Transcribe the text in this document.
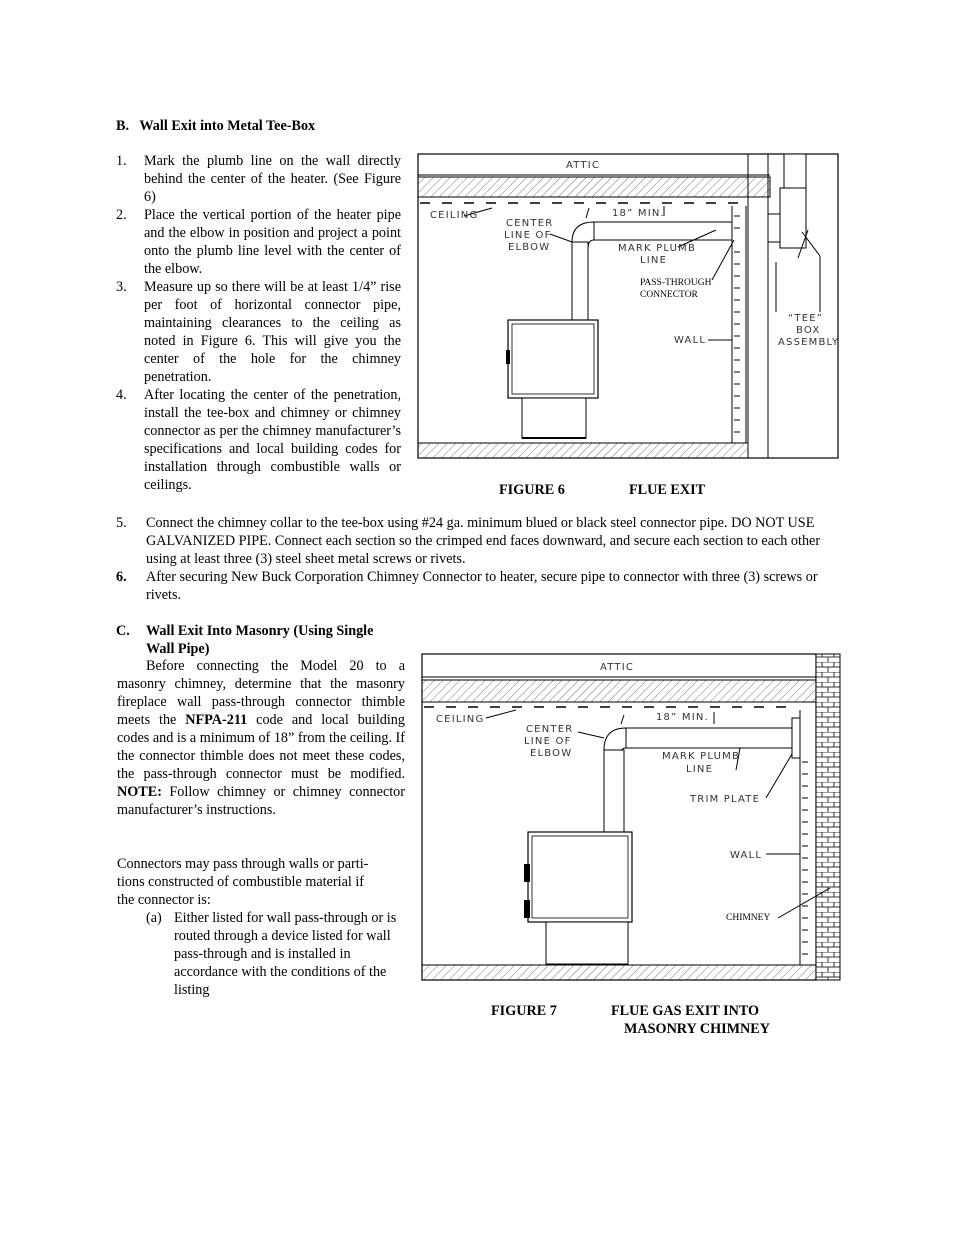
B.   Wall Exit into Metal Tee-Box
1. Mark the plumb line on the wall directly behind the center of the heater. (See Figure 6)
2. Place the vertical portion of the heater pipe and the elbow in position and project a point onto the plumb line level with the center of the elbow.
3. Measure up so there will be at least 1/4” rise per foot of horizontal connector pipe, maintaining clearances to the ceiling as noted in Figure 6. This will give you the center of the hole for the chimney penetration.
4. After locating the center of the penetration, install the tee-box and chimney or chimney connector as per the chimney manufacturer’s specifications and local building codes for installation through combustible walls or ceilings.
ATTIC
CEILING
CENTER
LINE OF
ELBOW
18” MIN.
MARK PLUMB
LINE
PASS-THROUGH
CONNECTOR
WALL
“TEE”
BOX
ASSEMBLY
FIGURE 6	FLUE EXIT
5. Connect the chimney collar to the tee-box using #24 ga. minimum blued or black steel connector pipe. DO NOT USE GALVANIZED PIPE. Connect each section so the crimped end faces downward, and secure each section to each other using at least three (3) steel sheet metal screws or rivets.
6. After securing New Buck Corporation Chimney Connector to heater, secure pipe to connector with three (3) screws or rivets.
C. Wall Exit Into Masonry (Using Single
Wall Pipe)
Before connecting the Model 20 to a masonry chimney, determine that the masonry fireplace wall pass-through connector thimble meets the NFPA-211 code and local building codes and is a minimum of 18” from the ceiling. If the connector thimble does not meet these codes, the pass-through connector must be modified. NOTE: Follow chimney or chimney connector manufacturer’s instructions.
Connectors may pass through walls or parti-
tions constructed of combustible material if
the connector is:
(a) Either listed for wall pass-through or is routed through a device listed for wall pass-through and is installed in accordance with the conditions of the listing
ATTIC
CEILING
CENTER
LINE OF
ELBOW
18” MIN.
MARK PLUMB
LINE
TRIM PLATE
WALL
CHIMNEY
FIGURE 7	FLUE GAS EXIT INTO
MASONRY CHIMNEY
